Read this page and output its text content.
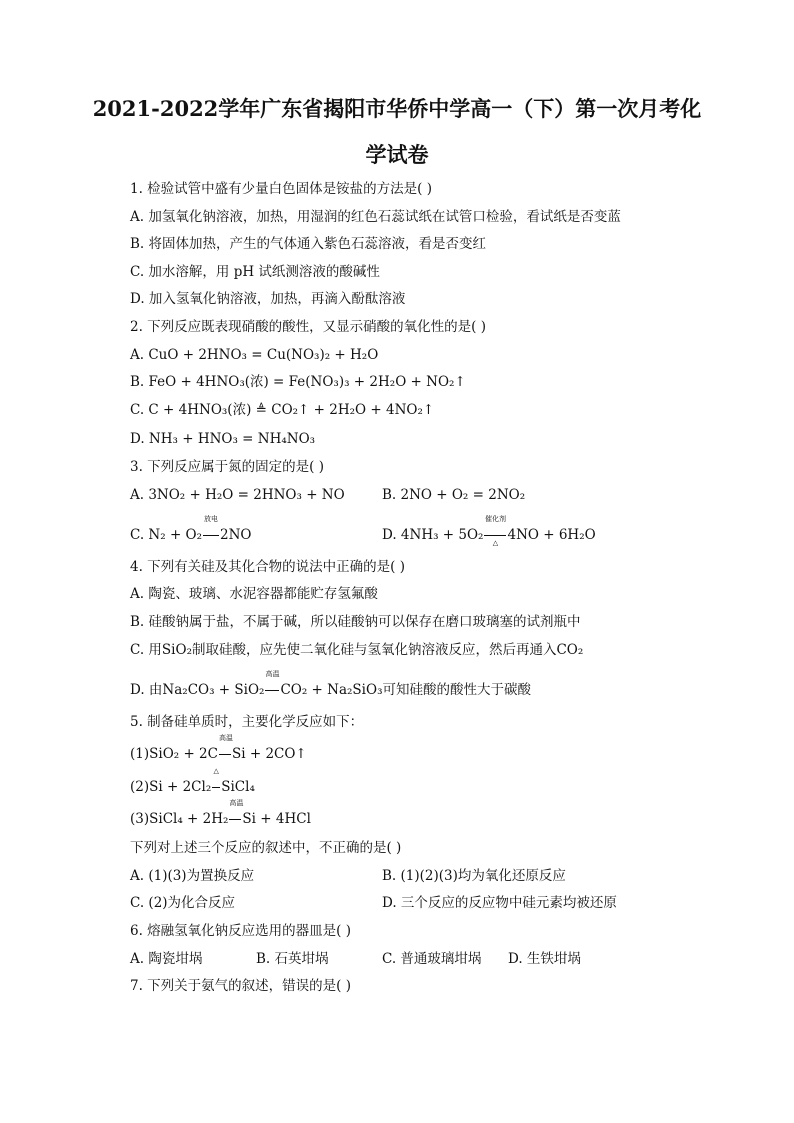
2021-2022学年广东省揭阳市华侨中学高一（下）第一次月考化
学试卷
1. 检验试管中盛有少量白色固体是铵盐的方法是( )
A. 加氢氧化钠溶液，加热，用湿润的红色石蕊试纸在试管口检验，看试纸是否变蓝
B. 将固体加热，产生的气体通入紫色石蕊溶液，看是否变红
C. 加水溶解，用 pH 试纸测溶液的酸碱性
D. 加入氢氧化钠溶液，加热，再滴入酚酞溶液
2. 下列反应既表现硝酸的酸性，又显示硝酸的氧化性的是( )
A. CuO + 2HNO₃ = Cu(NO₃)₂ + H₂O
B. FeO + 4HNO₃(浓) = Fe(NO₃)₃ + 2H₂O + NO₂↑
C. C + 4HNO₃(浓) ≜ CO₂↑ + 2H₂O + 4NO₂↑
D. NH₃ + HNO₃ = NH₄NO₃
3. 下列反应属于氮的固定的是( )
A. 3NO₂ + H₂O = 2HNO₃ + NO	B. 2NO + O₂ = 2NO₂
C. N₂ + O₂
放电
2NO	D. 4NH₃ + 5O₂
催化剂
△ 4NO + 6H₂O
4. 下列有关硅及其化合物的说法中正确的是( )
A. 陶瓷、玻璃、水泥容器都能贮存氢氟酸
B. 硅酸钠属于盐，不属于碱，所以硅酸钠可以保存在磨口玻璃塞的试剂瓶中
C. 用SiO₂制取硅酸，应先使二氧化硅与氢氧化钠溶液反应，然后再通入CO₂
D. 由Na₂CO₃ + SiO₂
高温
CO₂ + Na₂SiO₃可知硅酸的酸性大于碳酸
5. 制备硅单质时，主要化学反应如下：
(1)SiO₂ + 2C
高温
Si + 2CO↑
(2)Si + 2Cl₂
△
SiCl₄
(3)SiCl₄ + 2H₂
高温
Si + 4HCl
下列对上述三个反应的叙述中，不正确的是( )
A. (1)(3)为置换反应	B. (1)(2)(3)均为氧化还原反应
C. (2)为化合反应	D. 三个反应的反应物中硅元素均被还原
6. 熔融氢氧化钠反应选用的器皿是( )
A. 陶瓷坩埚	B. 石英坩埚	C. 普通玻璃坩埚 D. 生铁坩埚
7. 下列关于氨气的叙述，错误的是( )
